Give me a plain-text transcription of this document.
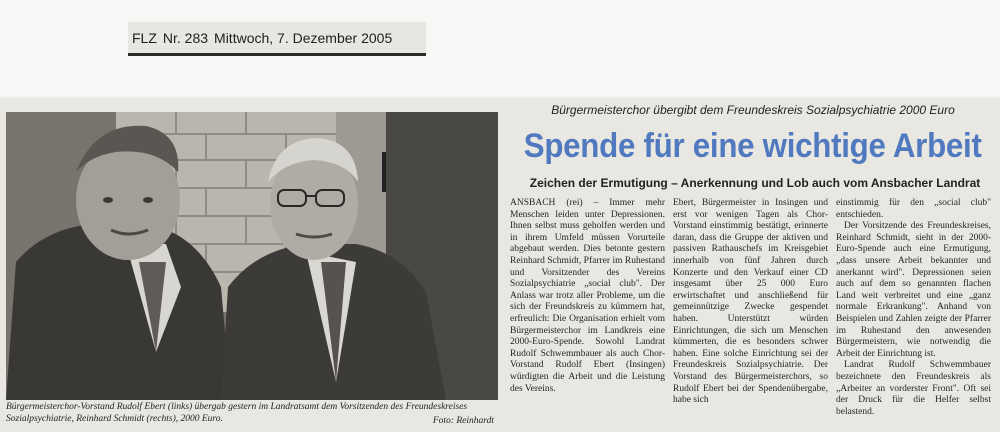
FLZ Nr. 283 Mittwoch, 7. Dezember 2005
Bürgermeisterchor-Vorstand Rudolf Ebert (links) übergab gestern im Landratsamt dem Vorsitzenden des Freundeskreises Sozialpsychiatrie, Reinhard Schmidt (rechts), 2000 Euro.	Foto: Reinhardt
Bürgermeisterchor übergibt dem Freundeskreis Sozialpsychiatrie 2000 Euro
Spende für eine wichtige Arbeit
Zeichen der Ermutigung – Anerkennung und Lob auch vom Ansbacher Landrat

ANSBACH (rei) – Immer mehr Menschen leiden unter Depressionen. Ihnen selbst muss geholfen werden und in ihrem Umfeld müssen Vorurteile abgebaut werden. Dies betonte gestern Reinhard Schmidt, Pfarrer im Ruhestand und Vorsitzender des Vereins Sozialpsychiatrie „social club". Der Anlass war trotz aller Probleme, um die sich der Freundskreis zu kümmern hat, erfreulich: Die Organisation erhielt vom Bürgermeisterchor im Landkreis eine 2000-Euro-Spende. Sowohl Landrat Rudolf Schwemmbauer als auch Chor-Vorstand Rudolf Ebert (Insingen) würdigten die Arbeit und die Leistung des Vereins.

Ebert, Bürgermeister in Insingen und erst vor wenigen Tagen als Chor-Vorstand einstimmig bestätigt, erinnerte daran, dass die Gruppe der aktiven und passiven Rathauschefs im Kreisgebiet innerhalb von fünf Jahren durch Konzerte und den Verkauf einer CD insgesamt über 25 000 Euro erwirtschaftet und anschließend für gemeinnützige Zwecke gespendet haben. Unterstützt würden Einrichtungen, die sich um Menschen kümmerten, die es besonders schwer haben. Eine solche Einrichtung sei der Freundeskreis Sozialpsychiatrie. Der Vorstand des Bürgermeisterchors, so Rudolf Ebert bei der Spendenübergabe, habe sich

einstimmig für den „social club" entschieden.

Der Vorsitzende des Freundeskreises, Reinhard Schmidt, sieht in der 2000-Euro-Spende auch eine Ermutigung, „dass unsere Arbeit bekannter und anerkannt wird". Depressionen seien auch auf dem so genannten flachen Land weit verbreitet und eine „ganz normale Erkrankung". Anhand von Beispielen und Zahlen zeigte der Pfarrer im Ruhestand den anwesenden Bürgermeistern, wie notwendig die Arbeit der Einrichtung ist.

Landrat Rudolf Schwemmbauer bezeichnete den Freundeskreis als „Arbeiter an vorderster Front". Oft sei der Druck für die Helfer selbst belastend.
